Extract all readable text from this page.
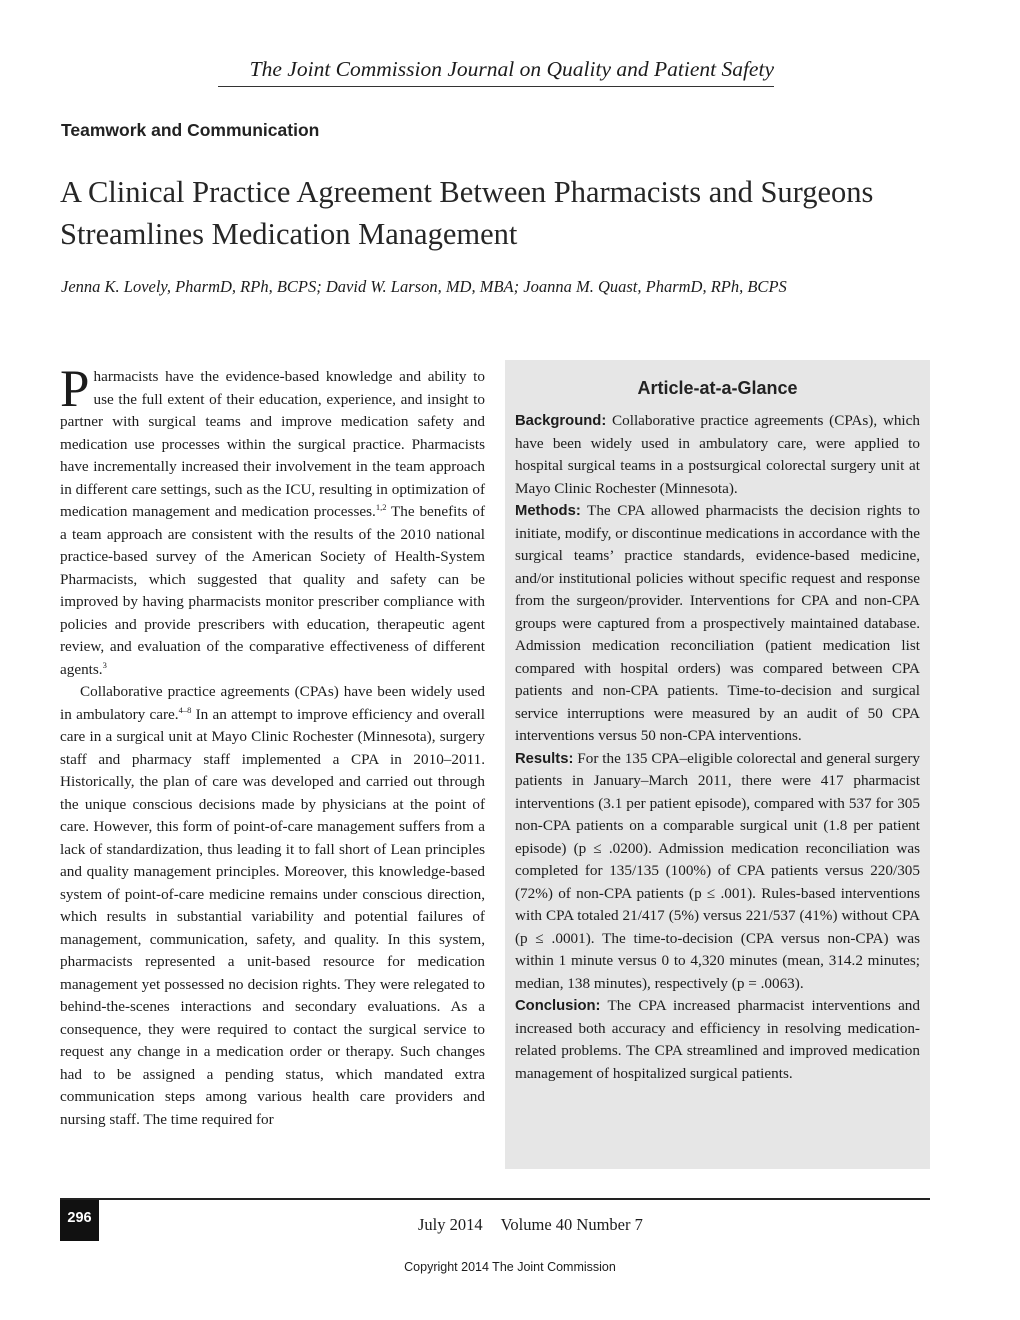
The Joint Commission Journal on Quality and Patient Safety
Teamwork and Communication
A Clinical Practice Agreement Between Pharmacists and Surgeons
Streamlines Medication Management
Jenna K. Lovely, PharmD, RPh, BCPS; David W. Larson, MD, MBA; Joanna M. Quast, PharmD, RPh, BCPS

Pharmacists have the evidence-based knowledge and ability to use the full extent of their education, experience, and insight to partner with surgical teams and improve medication safety and medication use processes within the surgical practice. Pharmacists have incrementally increased their involvement in the team approach in different care settings, such as the ICU, resulting in optimization of medication management and medication processes.$^{1,2}$ The benefits of a team approach are consistent with the results of the 2010 national practice-based survey of the American Society of Health-System Pharmacists, which suggested that quality and safety can be improved by having pharmacists monitor prescriber compliance with policies and provide prescribers with education, therapeutic agent review, and evaluation of the comparative effectiveness of different agents.$^3$

Collaborative practice agreements (CPAs) have been widely used in ambulatory care.$^{4-8}$ In an attempt to improve efficiency and overall care in a surgical unit at Mayo Clinic Rochester (Minnesota), surgery staff and pharmacy staff implemented a CPA in 2010–2011. Historically, the plan of care was developed and carried out through the unique conscious decisions made by physicians at the point of care. However, this form of point-of-care management suffers from a lack of standardization, thus leading it to fall short of Lean principles and quality management principles. Moreover, this knowledge-based system of point-of-care medicine remains under conscious direction, which results in substantial variability and potential failures of management, communication, safety, and quality. In this system, pharmacists represented a unit-based resource for medication management yet possessed no decision rights. They were relegated to behind-the-scenes interactions and secondary evaluations. As a consequence, they were required to contact the surgical service to request any change in a medication order or therapy. Such changes had to be assigned a pending status, which mandated extra communication steps among various health care providers and nursing staff. The time required for

Article-at-a-Glance

Background: Collaborative practice agreements (CPAs), which have been widely used in ambulatory care, were applied to hospital surgical teams in a postsurgical colorectal surgery unit at Mayo Clinic Rochester (Minnesota).

Methods: The CPA allowed pharmacists the decision rights to initiate, modify, or discontinue medications in accordance with the surgical teams’ practice standards, evidence-based medicine, and/or institutional policies without specific request and response from the surgeon/provider. Interventions for CPA and non-CPA groups were captured from a prospectively maintained database. Admission medication reconciliation (patient medication list compared with hospital orders) was compared between CPA patients and non-CPA patients. Time-to-decision and surgical service interruptions were measured by an audit of 50 CPA interventions versus 50 non-CPA interventions.

Results: For the 135 CPA–eligible colorectal and general surgery patients in January–March 2011, there were 417 pharmacist interventions (3.1 per patient episode), compared with 537 for 305 non-CPA patients on a comparable surgical unit (1.8 per patient episode) (p ≤ .0200). Admission medication reconciliation was completed for 135/135 (100%) of CPA patients versus 220/305 (72%) of non-CPA patients (p ≤ .001). Rules-based interventions with CPA totaled 21/417 (5%) versus 221/537 (41%) without CPA (p ≤ .0001). The time-to-decision (CPA versus non-CPA) was within 1 minute versus 0 to 4,320 minutes (mean, 314.2 minutes; median, 138 minutes), respectively (p = .0063).

Conclusion: The CPA increased pharmacist interventions and increased both accuracy and efficiency in resolving medication-related problems. The CPA streamlined and improved medication management of hospitalized surgical patients.

296	July 2014 Volume 40 Number 7
Copyright 2014 The Joint Commission
